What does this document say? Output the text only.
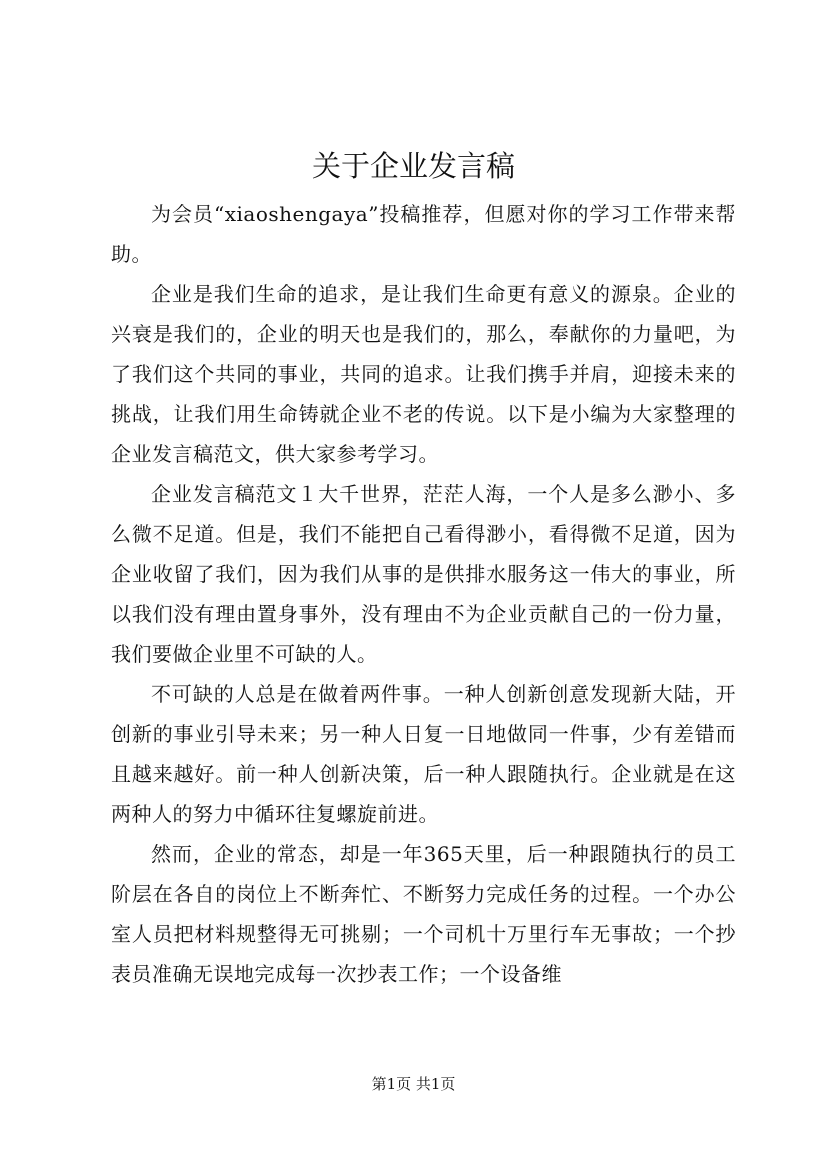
关于企业发言稿

为会员“xiaoshengaya”投稿推荐，但愿对你的学习工作带来帮助。

企业是我们生命的追求，是让我们生命更有意义的源泉。企业的兴衰是我们的，企业的明天也是我们的，那么，奉献你的力量吧，为了我们这个共同的事业，共同的追求。让我们携手并肩，迎接未来的挑战，让我们用生命铸就企业不老的传说。以下是小编为大家整理的企业发言稿范文，供大家参考学习。

企业发言稿范文１大千世界，茫茫人海，一个人是多么渺小、多么微不足道。但是，我们不能把自己看得渺小，看得微不足道，因为企业收留了我们，因为我们从事的是供排水服务这一伟大的事业，所以我们没有理由置身事外，没有理由不为企业贡献自己的一份力量，我们要做企业里不可缺的人。

不可缺的人总是在做着两件事。一种人创新创意发现新大陆，开创新的事业引导未来；另一种人日复一日地做同一件事，少有差错而且越来越好。前一种人创新决策，后一种人跟随执行。企业就是在这两种人的努力中循环往复螺旋前进。

然而，企业的常态，却是一年365天里，后一种跟随执行的员工阶层在各自的岗位上不断奔忙、不断努力完成任务的过程。一个办公室人员把材料规整得无可挑剔；一个司机十万里行车无事故；一个抄表员准确无误地完成每一次抄表工作；一个设备维

第1页 共1页
